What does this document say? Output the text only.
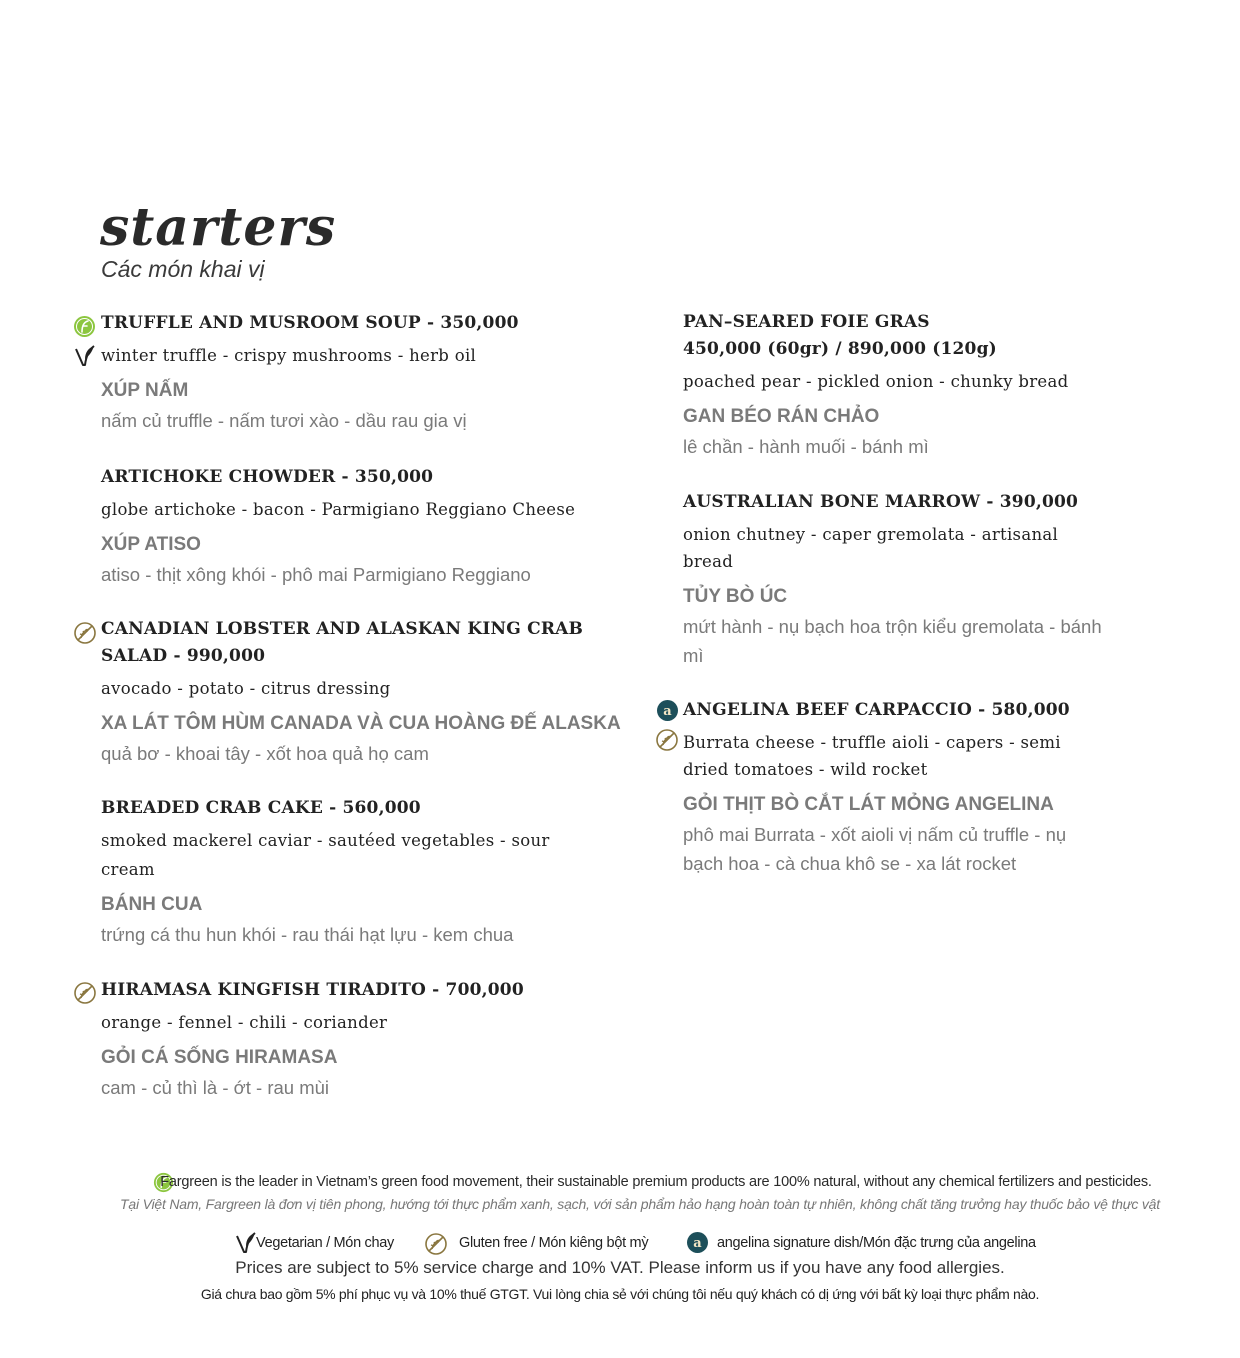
starters
Các món khai vị
TRUFFLE AND MUSROOM SOUP - 350,000
winter truffle - crispy mushrooms - herb oil
XÚP NẤM
nấm củ truffle - nấm tươi xào - dầu rau gia vị
ARTICHOKE CHOWDER - 350,000
globe artichoke - bacon - Parmigiano Reggiano Cheese
XÚP ATISO
atiso - thịt xông khói - phô mai Parmigiano Reggiano
CANADIAN LOBSTER AND ALASKAN KING CRAB
SALAD - 990,000
avocado - potato - citrus dressing
XA LÁT TÔM HÙM CANADA VÀ CUA HOÀNG ĐẾ ALASKA
quả bơ - khoai tây - xốt hoa quả họ cam
BREADED CRAB CAKE - 560,000
smoked mackerel caviar - sautéed vegetables - sour
cream
BÁNH CUA
trứng cá thu hun khói - rau thái hạt lựu - kem chua
HIRAMASA KINGFISH TIRADITO - 700,000
orange - fennel - chili - coriander
GỎI CÁ SỐNG HIRAMASA
cam - củ thì là - ớt - rau mùi
PAN–SEARED FOIE GRAS
450,000 (60gr) / 890,000 (120g)
poached pear - pickled onion - chunky bread
GAN BÉO RÁN CHẢO
lê chần - hành muối - bánh mì
AUSTRALIAN BONE MARROW - 390,000
onion chutney - caper gremolata - artisanal
bread
TỦY BÒ ÚC
mứt hành - nụ bạch hoa trộn kiểu gremolata - bánh
mì
a ANGELINA BEEF CARPACCIO - 580,000
Burrata cheese - truffle aioli - capers - semi
dried tomatoes - wild rocket
GỎI THỊT BÒ CẮT LÁT MỎNG ANGELINA
phô mai Burrata - xốt aioli vị nấm củ truffle - nụ
bạch hoa - cà chua khô se - xa lát rocket
Fargreen is the leader in Vietnam’s green food movement, their sustainable premium products are 100% natural, without any chemical fertilizers and pesticides.
Tại Việt Nam, Fargreen là đơn vị tiên phong, hướng tới thực phẩm xanh, sạch, với sản phẩm hảo hạng hoàn toàn tự nhiên, không chất tăng trưởng hay thuốc bảo vệ thực vật
Vegetarian / Món chay	Gluten free / Món kiêng bột mỳ	a angelina signature dish/Món đặc trưng của angelina
Prices are subject to 5% service charge and 10% VAT. Please inform us if you have any food allergies.
Giá chưa bao gồm 5% phí phục vụ và 10% thuế GTGT. Vui lòng chia sẻ với chúng tôi nếu quý khách có dị ứng với bất kỳ loại thực phẩm nào.
